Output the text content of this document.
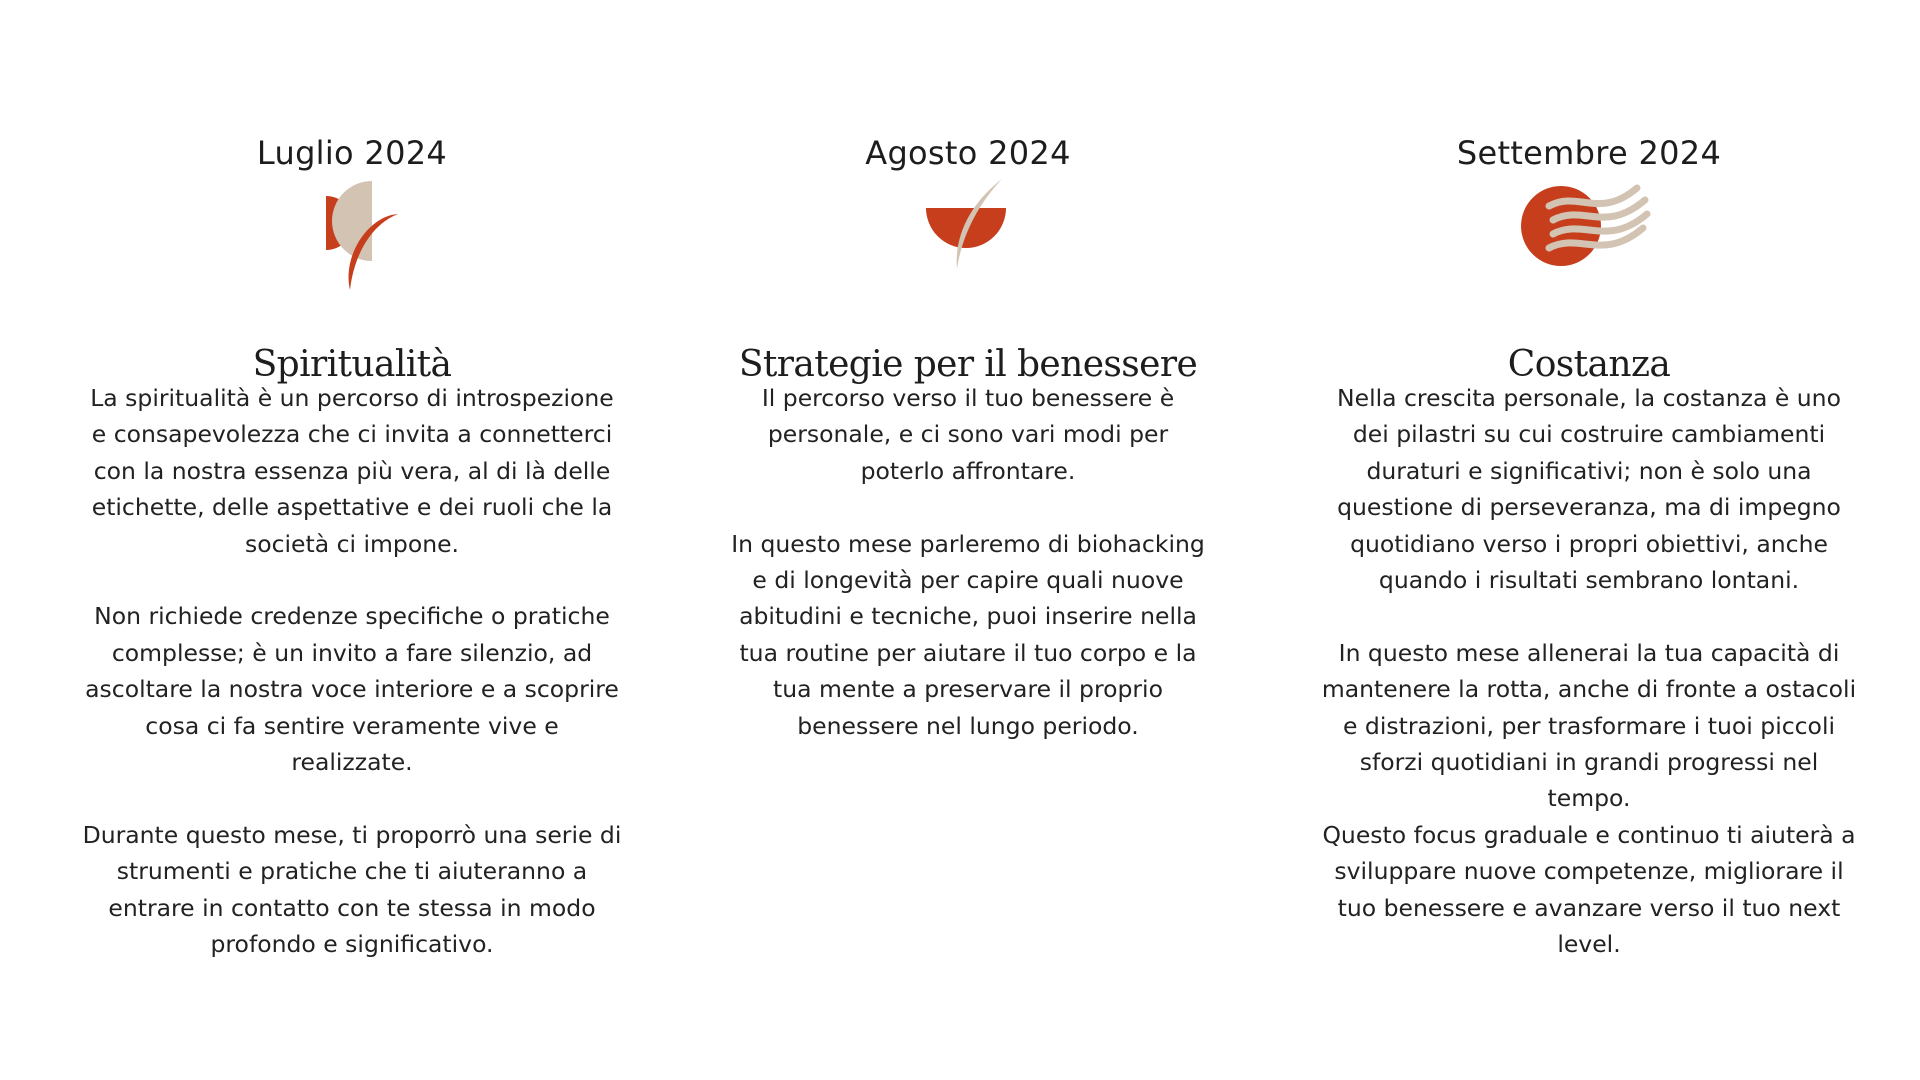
Luglio 2024
Spiritualità

La spiritualità è un percorso di introspezione e consapevolezza che ci invita a connetterci con la nostra essenza più vera, al di là delle etichette, delle aspettative e dei ruoli che la società ci impone.

Non richiede credenze specifiche o pratiche complesse; è un invito a fare silenzio, ad ascoltare la nostra voce interiore e a scoprire cosa ci fa sentire veramente vive e realizzate.

Durante questo mese, ti proporrò una serie di strumenti e pratiche che ti aiuteranno a entrare in contatto con te stessa in modo profondo e significativo.

Agosto 2024
Strategie per il benessere

Il percorso verso il tuo benessere è personale, e ci sono vari modi per poterlo affrontare.

In questo mese parleremo di biohacking e di longevità per capire quali nuove abitudini e tecniche, puoi inserire nella tua routine per aiutare il tuo corpo e la tua mente a preservare il proprio benessere nel lungo periodo.

Settembre 2024
Costanza

Nella crescita personale, la costanza è uno dei pilastri su cui costruire cambiamenti duraturi e significativi; non è solo una questione di perseveranza, ma di impegno quotidiano verso i propri obiettivi, anche quando i risultati sembrano lontani.

In questo mese allenerai la tua capacità di mantenere la rotta, anche di fronte a ostacoli e distrazioni, per trasformare i tuoi piccoli sforzi quotidiani in grandi progressi nel tempo.

Questo focus graduale e continuo ti aiuterà a sviluppare nuove competenze, migliorare il tuo benessere e avanzare verso il tuo next level.
